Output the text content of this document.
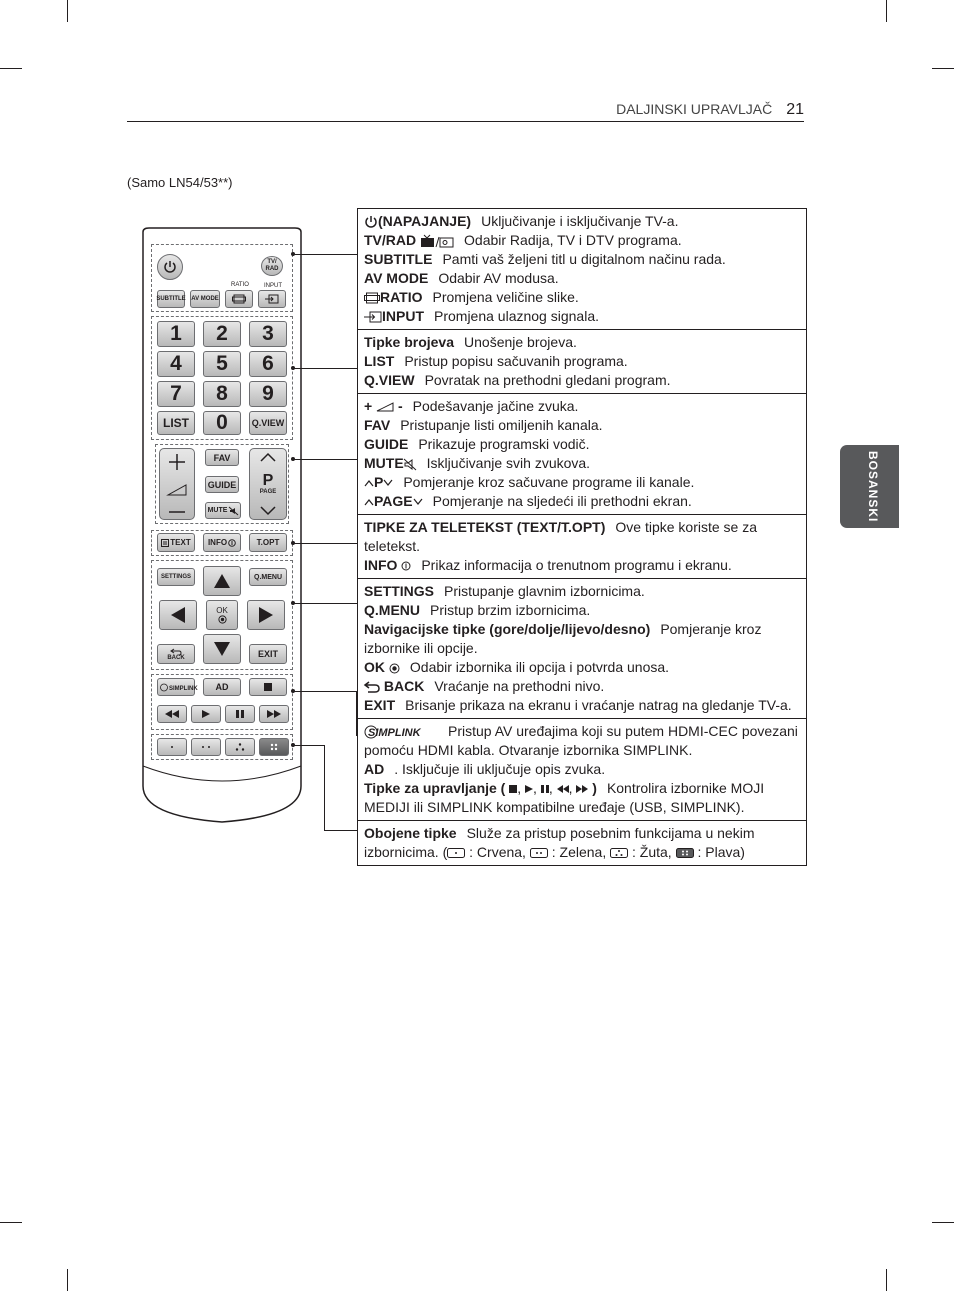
DALJINSKI UPRAVLJAČ 21
(Samo LN54/53**)
BOSANSKI
TV/
RAD
RATIO	INPUT
SUBTITLE AV MODE
1	2	3
4	5	6
7	8	9
LIST	0	Q.VIEW
FAV
GUIDE
MUTE
P
PAGE
TEXT INFO	T.OPT
SETTINGS	Q.MENU
OK
BACK	EXIT
SIMPLINK	AD
(NAPAJANJE) Uključivanje i isključivanje TV-a.
TV/RAD	Odabir Radija, TV i DTV programa.
SUBTITLE Pamti vaš željeni titl u digitalnom načinu rada.
AV MODE Odabir AV modusa.
RATIO Promjena veličine slike.
INPUT Promjena ulaznog signala.
Tipke brojeva Unošenje brojeva.
LIST Pristup popisu sačuvanih programa.
Q.VIEW Povratak na prethodni gledani program.
+ - Podešavanje jačine zvuka.
FAV Pristupanje listi omiljenih kanala.
GUIDE Prikazuje programski vodič.
MUTE Isključivanje svih zvukova.
P Pomjeranje kroz sačuvane programe ili kanale.
PAGE Pomjeranje na sljedeći ili prethodni ekran.
TIPKE ZA TELETEKST (TEXT/T.OPT) Ove tipke koriste se za teletekst.
INFO Prikaz informacija o trenutnom programu i ekranu.
SETTINGS Pristupanje glavnim izbornicima.
Q.MENU Pristup brzim izbornicima.
Navigacijske tipke (gore/dolje/lijevo/desno) Pomjeranje kroz izbornike ili opcije.
OK Odabir izbornika ili opcija i potvrda unosa.
BACK Vraćanje na prethodni nivo.
EXIT Brisanje prikaza na ekranu i vraćanje natrag na gledanje TV-a.
SIMPLINK Pristup AV uređajima koji su putem HDMI-CEC povezani pomoću HDMI kabla. Otvaranje izbornika SIMPLINK.
AD . Isključuje ili uključuje opis zvuka.
Tipke za upravljanje ( , , , ,  ) Kontrolira izbornike MOJI MEDIJI ili SIMPLINK kompatibilne uređaje (USB, SIMPLINK).
Obojene tipke Služe za pristup posebnim funkcijama u nekim izbornicima. ( : Crvena, : Zelena, : Žuta, : Plava)
